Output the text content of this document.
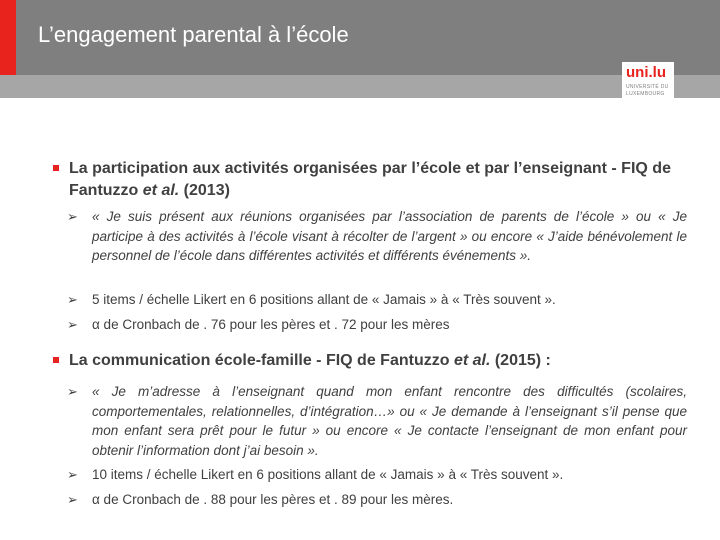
L’engagement parental à l’école
uni.lu
UNIVERSITÉ DU
LUXEMBOURG
La participation aux activités organisées par l’école et par l’enseignant - FIQ de Fantuzzo et al. (2013)
➢ « Je suis présent aux réunions organisées par l’association de parents de l’école » ou « Je participe à des activités à l’école visant à récolter de l’argent » ou encore « J’aide bénévolement le personnel de l’école dans différentes activités et différents événements ».
➢ 5 items / échelle Likert en 6 positions allant de « Jamais » à « Très souvent ».
➢ α de Cronbach de . 76 pour les pères et . 72 pour les mères
La communication école-famille - FIQ de Fantuzzo et al. (2015) :
➢ « Je m’adresse à l’enseignant quand mon enfant rencontre des difficultés (scolaires, comportementales, relationnelles, d’intégration…» ou « Je demande à l’enseignant s’il pense que mon enfant sera prêt pour le futur » ou encore « Je contacte l’enseignant de mon enfant pour obtenir l’information dont j’ai besoin ».
➢ 10 items / échelle Likert en 6 positions allant de « Jamais » à « Très souvent ».
➢ α de Cronbach de . 88 pour les pères et . 89 pour les mères.
